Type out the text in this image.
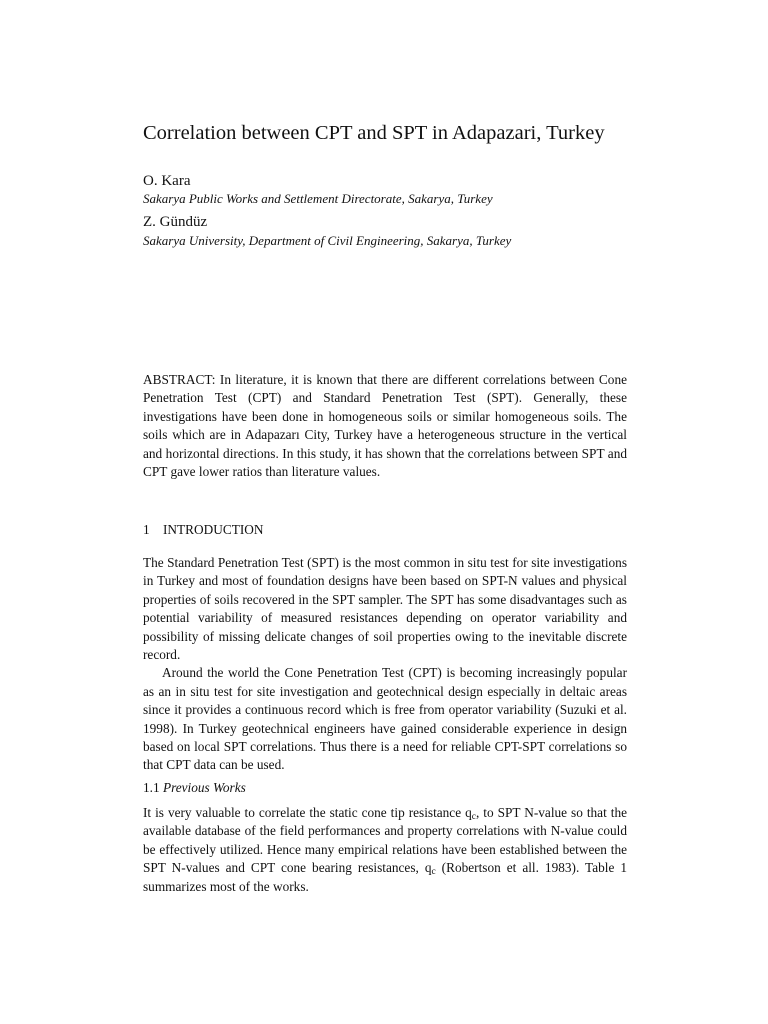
Correlation between CPT and SPT in Adapazari, Turkey
O. Kara
Sakarya Public Works and Settlement Directorate, Sakarya, Turkey
Z. Gündüz
Sakarya University, Department of Civil Engineering, Sakarya, Turkey

ABSTRACT: In literature, it is known that there are different correlations between Cone Penetration Test (CPT) and Standard Penetration Test (SPT). Generally, these investigations have been done in homogeneous soils or similar homogeneous soils. The soils which are in Adapazarı City, Turkey have a heterogeneous structure in the vertical and horizontal directions. In this study, it has shown that the correlations between SPT and CPT gave lower ratios than literature values.

1 INTRODUCTION

The Standard Penetration Test (SPT) is the most common in situ test for site investigations in Turkey and most of foundation designs have been based on SPT-N values and physical properties of soils recovered in the SPT sampler. The SPT has some disadvantages such as potential variability of measured resistances depending on operator variability and possibility of missing delicate changes of soil properties owing to the inevitable discrete record.

Around the world the Cone Penetration Test (CPT) is becoming increasingly popular as an in situ test for site investigation and geotechnical design especially in deltaic areas since it provides a continuous record which is free from operator variability (Suzuki et al. 1998). In Turkey geotechnical engineers have gained considerable experience in design based on local SPT correlations. Thus there is a need for reliable CPT-SPT correlations so that CPT data can be used.

1.1 Previous Works

It is very valuable to correlate the static cone tip resistance $q_c$, to SPT N-value so that the available database of the field performances and property correlations with N-value could be effectively utilized. Hence many empirical relations have been established between the SPT N-values and CPT cone bearing resistances, $q_c$ (Robertson et all. 1983). Table 1 summarizes most of the works.
